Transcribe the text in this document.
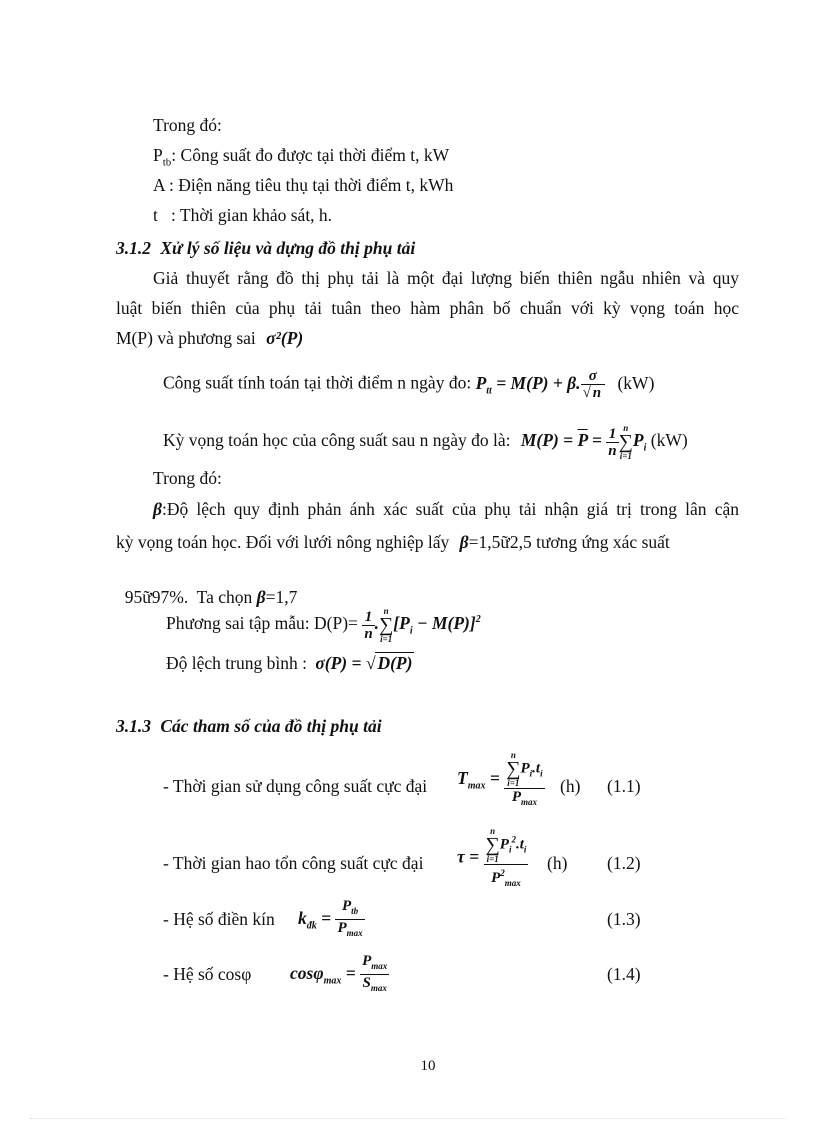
Trong đó:
$P_{tb}$: Công suất đo được tại thời điểm t, kW
A : Điện năng tiêu thụ tại thời điểm t, kWh
t   : Thời gian khảo sát, h.
3.1.2 Xử lý số liệu và dựng đồ thị phụ tải
Giả thuyết rằng đồ thị phụ tải là một đại lượng biến thiên ngẫu nhiên và quy
luật biến thiên của phụ tải tuân theo hàm phân bố chuẩn với kỳ vọng toán học
M(P) và phương sai σ²(P)
Công suất tính toán tại thời điểm n ngày đo: $P_{tt} = M(P) + \beta$. $\frac{\sigma}{√ n} (kW)$
Kỳ vọng toán học của công suất sau n ngày đo là: $M(P) = \overline{P} = \frac{1}{n}$ n
∑
$i=1P_i$ (kW)
Trong đó:
β:Độ lệch quy định phản ánh xác suất của phụ tải nhận giá trị trong lân cận
kỳ vọng toán học. Đối với lưới nông nghiệp lấy β=1,5ữ2,5 tương ứng xác suất

95ữ97%.  Ta chọn β=1,7

Phương sai tập mẫu: $D(P)= \frac{1}{n} .n$
∑
$i=1[P_i - M(P)]^2$
Độ lệch trung bình : σ(P) = √ D(P)
3.1.3 Các tham số của đồ thị phụ tải
- Thời gian sử dụng công suất cực đại $T_{max} = n$
∑
$i=1P_i.t_i$
$P_{max}$ (h) (1.1)
- Thời gian hao tổn công suất cực đại τ = n
∑
$i=1P_i^2.t_i$
$P^2_{max}$ (h) (1.2)
- Hệ số điền kín $k_{đk} = \frac{P_{tb}}{P_{max}}$	(1.3)
- Hệ số cosφ $\cos\varphi_{max} = \frac{P_{max}}{S_{max}}$	(1.4)
10
